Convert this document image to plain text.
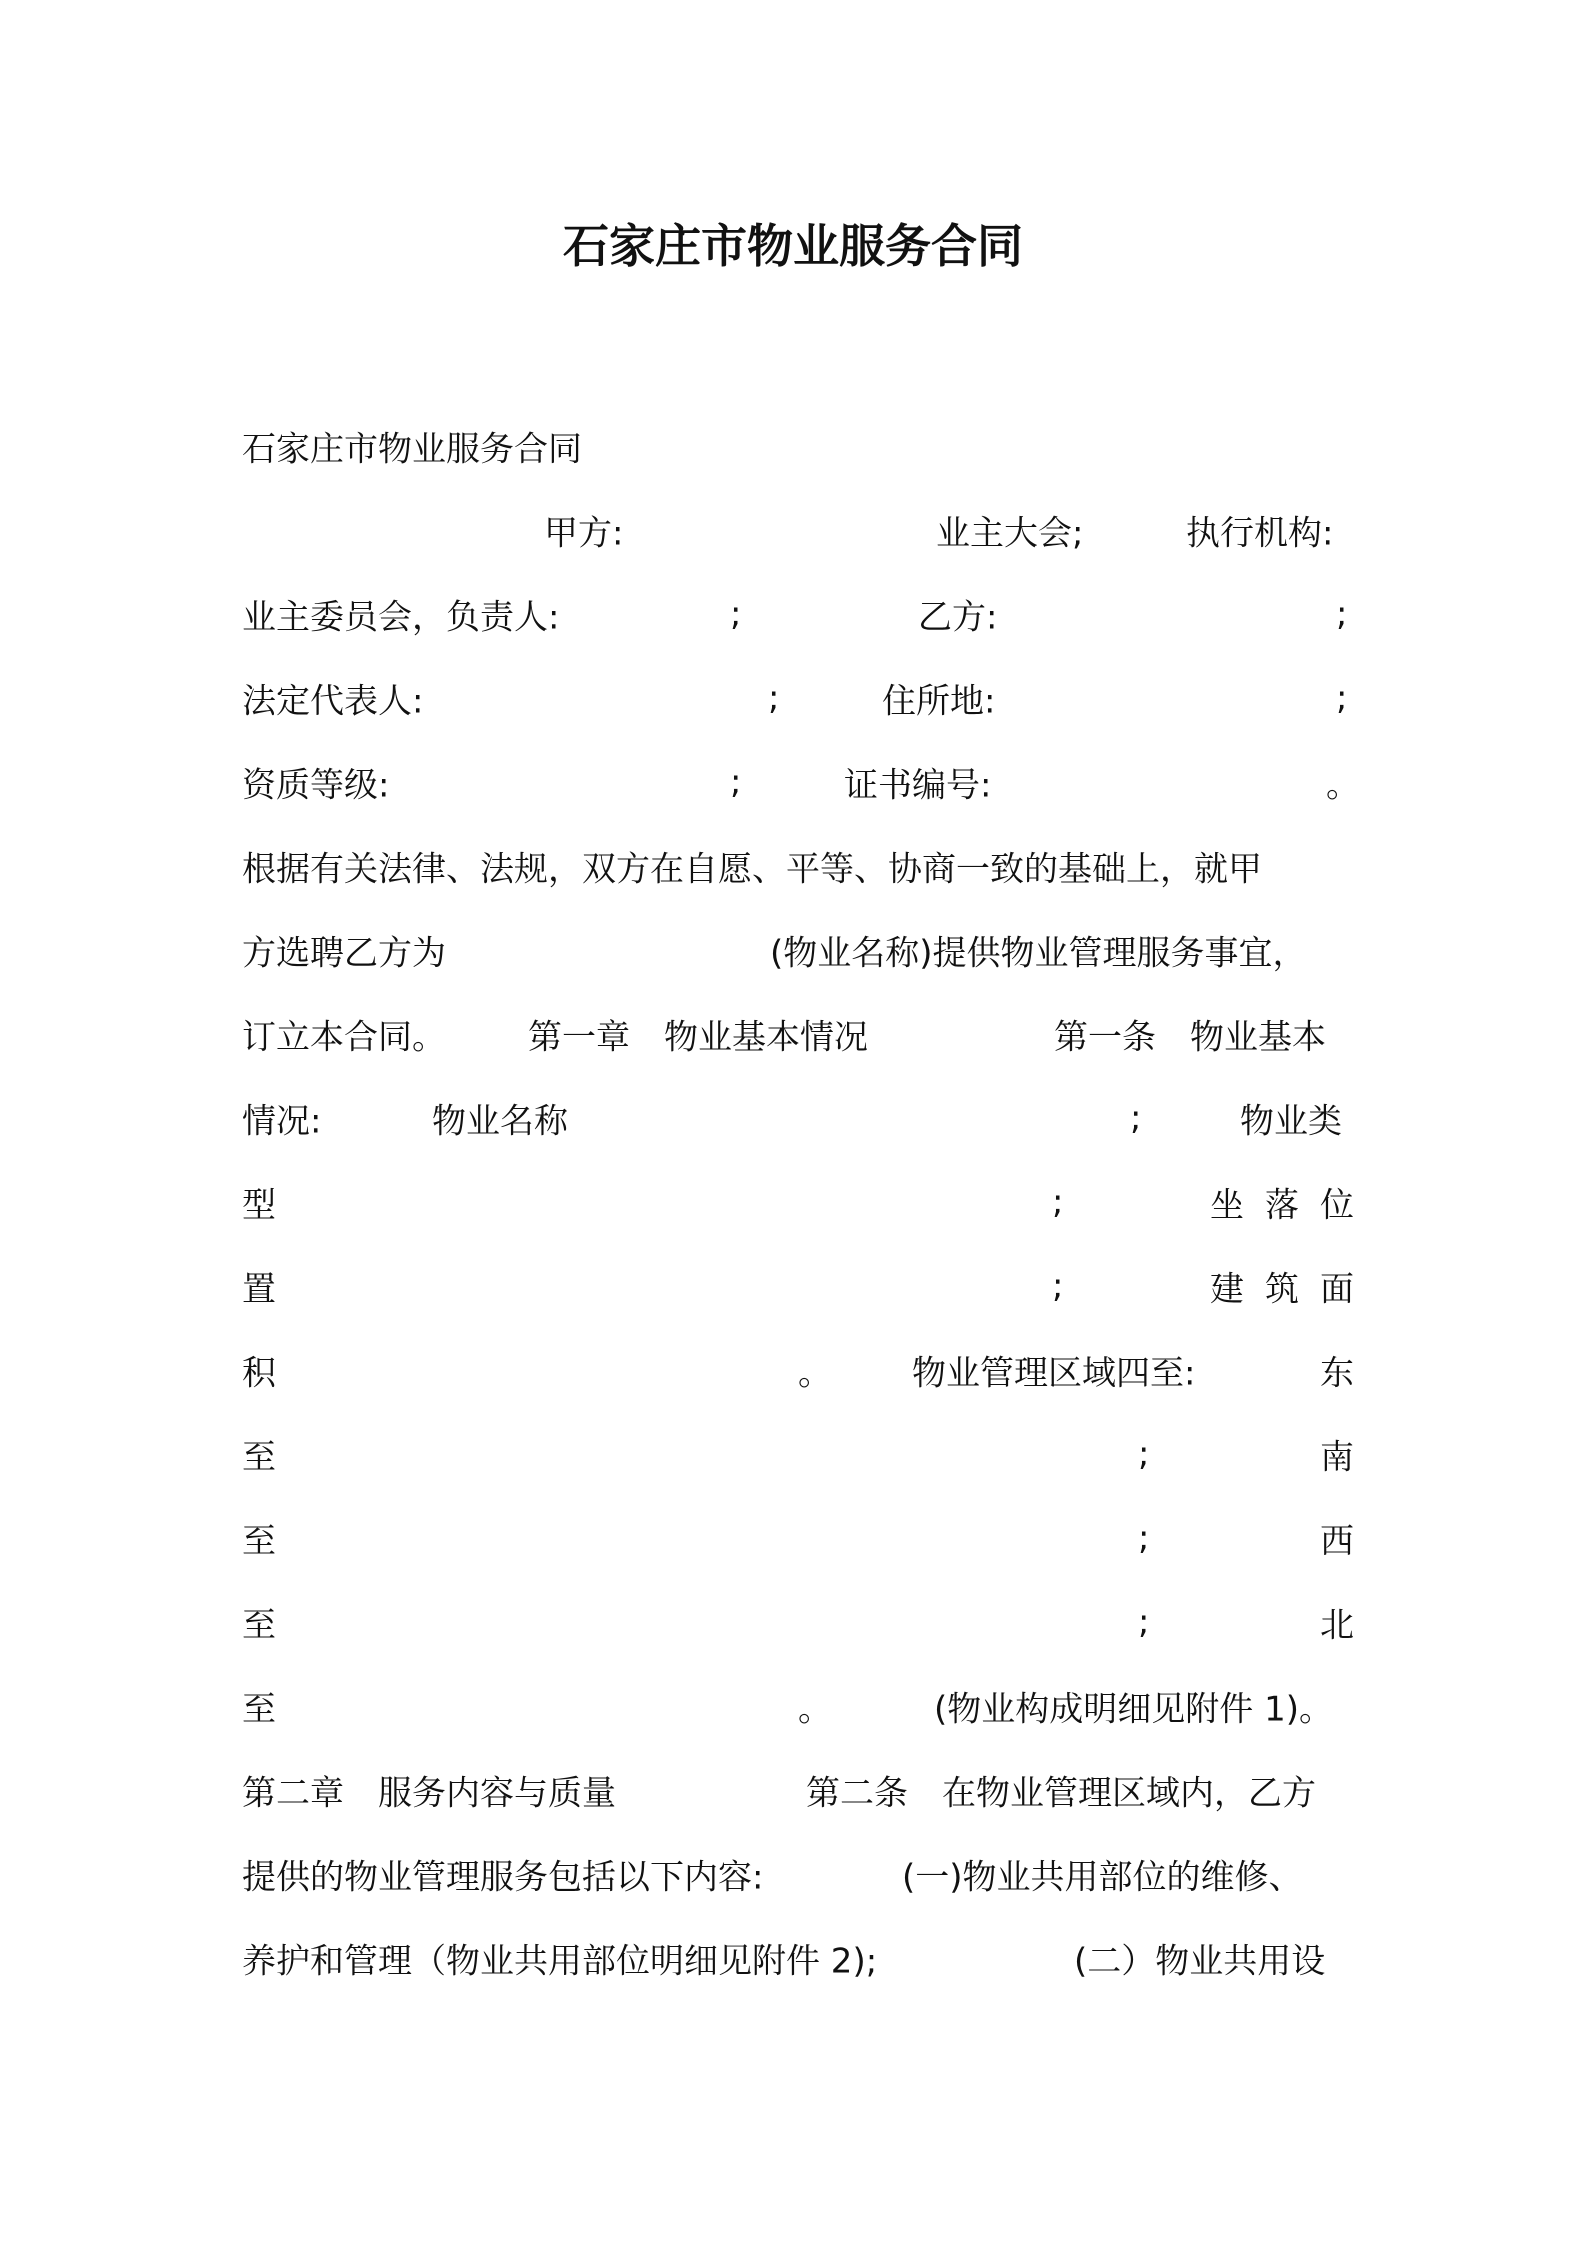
石家庄市物业服务合同
石家庄市物业服务合同
甲方:	业主大会;	执行机构:
业主委员会，负责人:	;	乙方:	;
法定代表人:	;	住所地:	;
资质等级:	;	证书编号:	。
根据有关法律、法规，双方在自愿、平等、协商一致的基础上，就甲
方选聘乙方为	(物业名称)提供物业管理服务事宜，
订立本合同。 第一章　物业基本情况	第一条　物业基本
情况:	物业名称	;	物业类
型	;	坐落位
置	;	建筑面
积	。 物业管理区域四至:	东
至	;	南
至	;	西
至	;	北
至	。	(物业构成明细见附件 1)。
第二章　服务内容与质量	第二条　在物业管理区域内，乙方
提供的物业管理服务包括以下内容:	(一)物业共用部位的维修、
养护和管理（物业共用部位明细见附件 2);	(二）物业共用设
